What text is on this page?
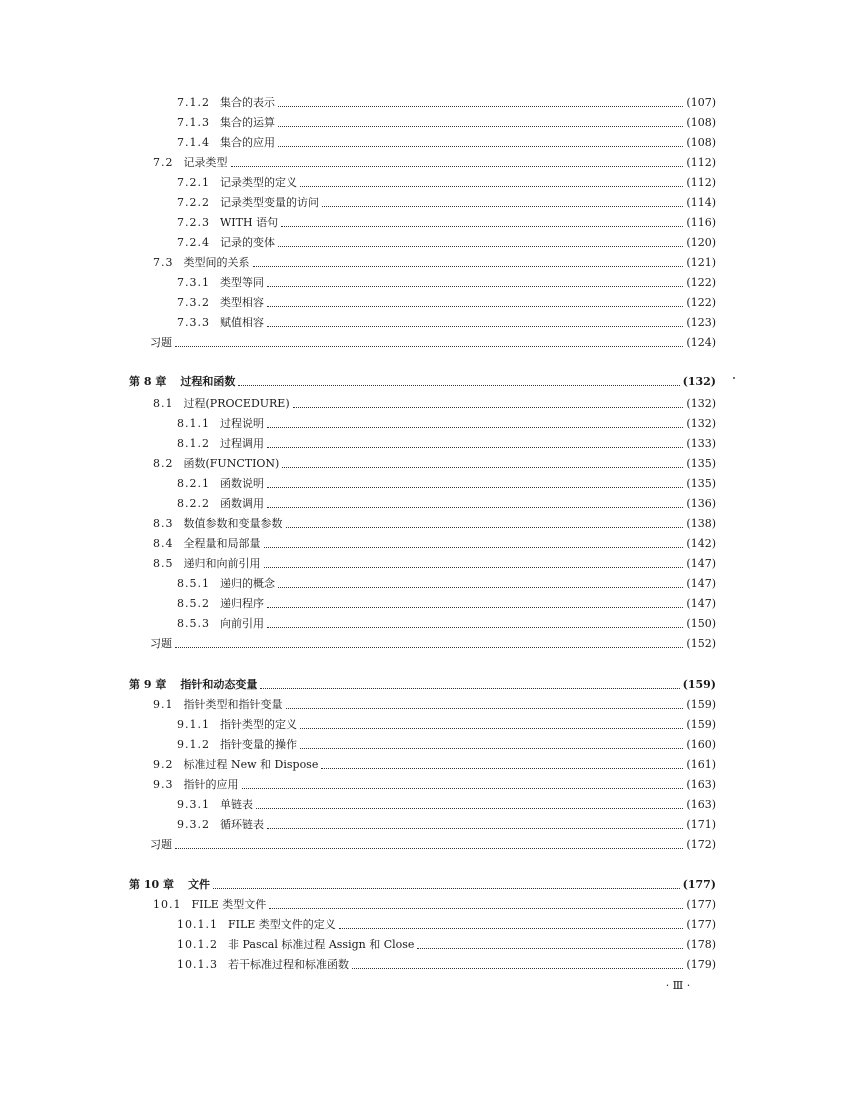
7.1.2 集合的表示	(107)
7.1.3 集合的运算	(108)
7.1.4 集合的应用	(108)
7.2 记录类型	(112)
7.2.1 记录类型的定义	(112)
7.2.2 记录类型变量的访问	(114)
7.2.3 WITH 语句	(116)
7.2.4 记录的变体	(120)
7.3 类型间的关系	(121)
7.3.1 类型等同	(122)
7.3.2 类型相容	(122)
7.3.3 赋值相容	(123)
习题	(124)
第 8 章 过程和函数	(132)
8.1 过程(PROCEDURE)	(132)
8.1.1 过程说明	(132)
8.1.2 过程调用	(133)
8.2 函数(FUNCTION)	(135)
8.2.1 函数说明	(135)
8.2.2 函数调用	(136)
8.3 数值参数和变量参数	(138)
8.4 全程量和局部量	(142)
8.5 递归和向前引用	(147)
8.5.1 递归的概念	(147)
8.5.2 递归程序	(147)
8.5.3 向前引用	(150)
习题	(152)
第 9 章 指针和动态变量	(159)
9.1 指针类型和指针变量	(159)
9.1.1 指针类型的定义	(159)
9.1.2 指针变量的操作	(160)
9.2 标准过程 New 和 Dispose	(161)
9.3 指针的应用	(163)
9.3.1 单链表	(163)
9.3.2 循环链表	(171)
习题	(172)
第 10 章 文件	(177)
10.1 FILE 类型文件	(177)
10.1.1 FILE 类型文件的定义	(177)
10.1.2 非 Pascal 标准过程 Assign 和 Close	(178)
10.1.3 若干标准过程和标准函数	(179)
· Ⅲ ·
